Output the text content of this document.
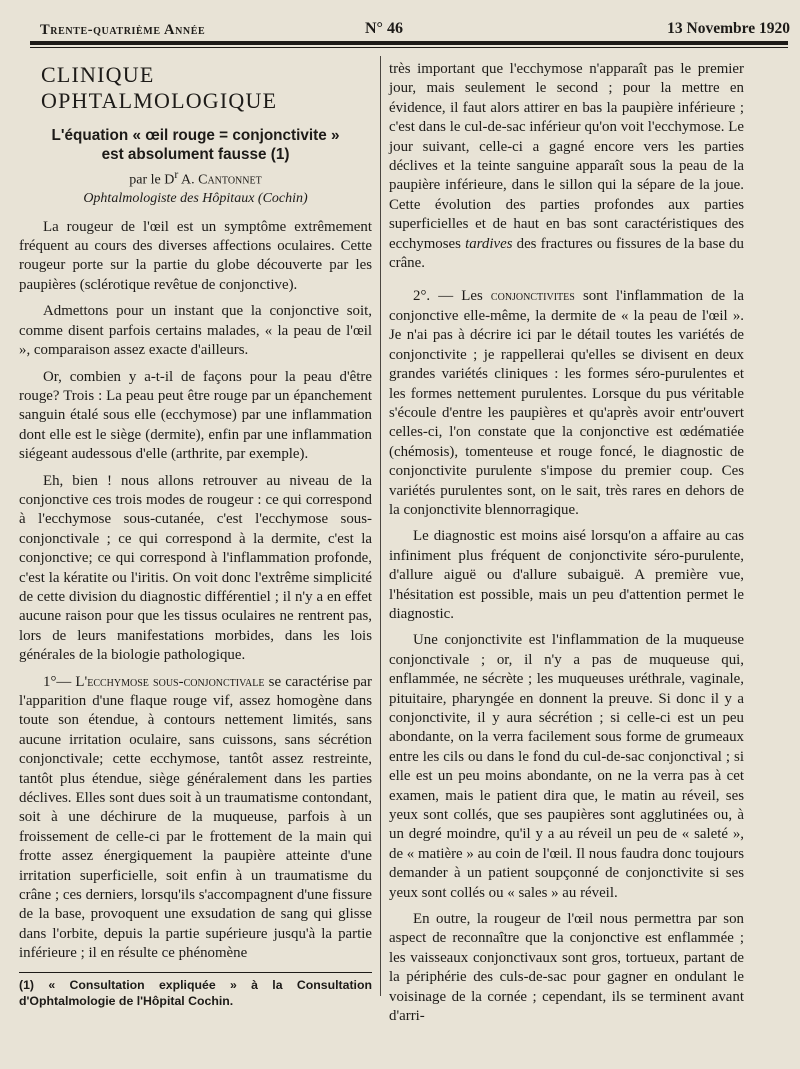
Trente-quatrième Année	N° 46	13 Novembre 1920
CLINIQUE OPHTALMOLOGIQUE
L'équation « œil rouge = conjonctivite »
est absolument fausse (1)
par le $D^r$ A. Cantonnet
Ophtalmologiste des Hôpitaux (Cochin)

La rougeur de l'œil est un symptôme extrêmement fréquent au cours des diverses affections oculaires. Cette rougeur porte sur la partie du globe découverte par les paupières (sclérotique revêtue de conjonctive).

Admettons pour un instant que la conjonctive soit, comme disent parfois certains malades, « la peau de l'œil », comparaison assez exacte d'ailleurs.

Or, combien y a-t-il de façons pour la peau d'être rouge? Trois : La peau peut être rouge par un épanchement sanguin étalé sous elle (ecchymose) par une inflammation dont elle est le siège (dermite), enfin par une inflammation siégeant audessous d'elle (arthrite, par exemple).

Eh, bien ! nous allons retrouver au niveau de la conjonctive ces trois modes de rougeur : ce qui correspond à l'ecchymose sous-cutanée, c'est l'ecchymose sous-conjonctivale ; ce qui correspond à la dermite, c'est la conjonctive; ce qui correspond à l'inflammation profonde, c'est la kératite ou l'iritis. On voit donc l'extrême simplicité de cette division du diagnostic différentiel ; il n'y a en effet aucune raison pour que les tissus oculaires ne rentrent pas, lors de leurs manifestations morbides, dans les lois générales de la biologie pathologique.

1°— L'ecchymose sous-conjonctivale se caractérise par l'apparition d'une flaque rouge vif, assez homogène dans toute son étendue, à contours nettement limités, sans aucune irritation oculaire, sans cuissons, sans sécrétion conjonctivale; cette ecchymose, tantôt assez restreinte, tantôt plus étendue, siège généralement dans les parties déclives. Elles sont dues soit à un traumatisme contondant, soit à une déchirure de la muqueuse, parfois à un froissement de celle-ci par le frottement de la main qui frotte assez énergiquement la paupière atteinte d'une irritation superficielle, soit enfin à un traumatisme du crâne ; ces derniers, lorsqu'ils s'accompagnent d'une fissure de la base, provoquent une exsudation de sang qui glisse dans l'orbite, depuis la partie supérieure jusqu'à la partie inférieure ; il en résulte ce phénomène

(1) « Consultation expliquée » à la Consultation d'Ophtalmologie de l'Hôpital Cochin.

très important que l'ecchymose n'apparaît pas le premier jour, mais seulement le second ; pour la mettre en évidence, il faut alors attirer en bas la paupière inférieure ; c'est dans le cul-de-sac inférieur qu'on voit l'ecchymose. Le jour suivant, celle-ci a gagné encore vers les parties déclives et la teinte sanguine apparaît sous la peau de la paupière inférieure, dans le sillon qui la sépare de la joue. Cette évolution des parties profondes aux parties superficielles et de haut en bas sont caractéristiques des ecchymoses tardives des fractures ou fissures de la base du crâne.

2°. — Les conjonctivites sont l'inflammation de la conjonctive elle-même, la dermite de « la peau de l'œil ». Je n'ai pas à décrire ici par le détail toutes les variétés de conjonctivite ; je rappellerai qu'elles se divisent en deux grandes variétés cliniques : les formes séro-purulentes et les formes nettement purulentes. Lorsque du pus véritable s'écoule d'entre les paupières et qu'après avoir entr'ouvert celles-ci, l'on constate que la conjonctive est œdématiée (chémosis), tomenteuse et rouge foncé, le diagnostic de conjonctivite purulente s'impose du premier coup. Ces variétés purulentes sont, on le sait, très rares en dehors de la conjonctivite blennorragique.

Le diagnostic est moins aisé lorsqu'on a affaire au cas infiniment plus fréquent de conjonctivite séro-purulente, d'allure aiguë ou d'allure subaiguë. A première vue, l'hésitation est possible, mais un peu d'attention permet le diagnostic.

Une conjonctivite est l'inflammation de la muqueuse conjonctivale ; or, il n'y a pas de muqueuse qui, enflammée, ne sécrète ; les muqueuses uréthrale, vaginale, pituitaire, pharyngée en donnent la preuve. Si donc il y a conjonctivite, il y aura sécrétion ; si celle-ci est un peu abondante, on la verra facilement sous forme de grumeaux entre les cils ou dans le fond du cul-de-sac conjonctival ; si elle est un peu moins abondante, on ne la verra pas à cet examen, mais le patient dira que, le matin au réveil, ses yeux sont collés, que ses paupières sont agglutinées ou, à un degré moindre, qu'il y a au réveil un peu de « saleté », de « matière » au coin de l'œil. Il nous faudra donc toujours demander à un patient soupçonné de conjonctivite si ses yeux sont collés ou « sales » au réveil.

En outre, la rougeur de l'œil nous permettra par son aspect de reconnaître que la conjonctive est enflammée ; les vaisseaux conjonctivaux sont gros, tortueux, partant de la périphérie des culs-de-sac pour gagner en ondulant le voisinage de la cornée ; cependant, ils se terminent avant d'arri-
